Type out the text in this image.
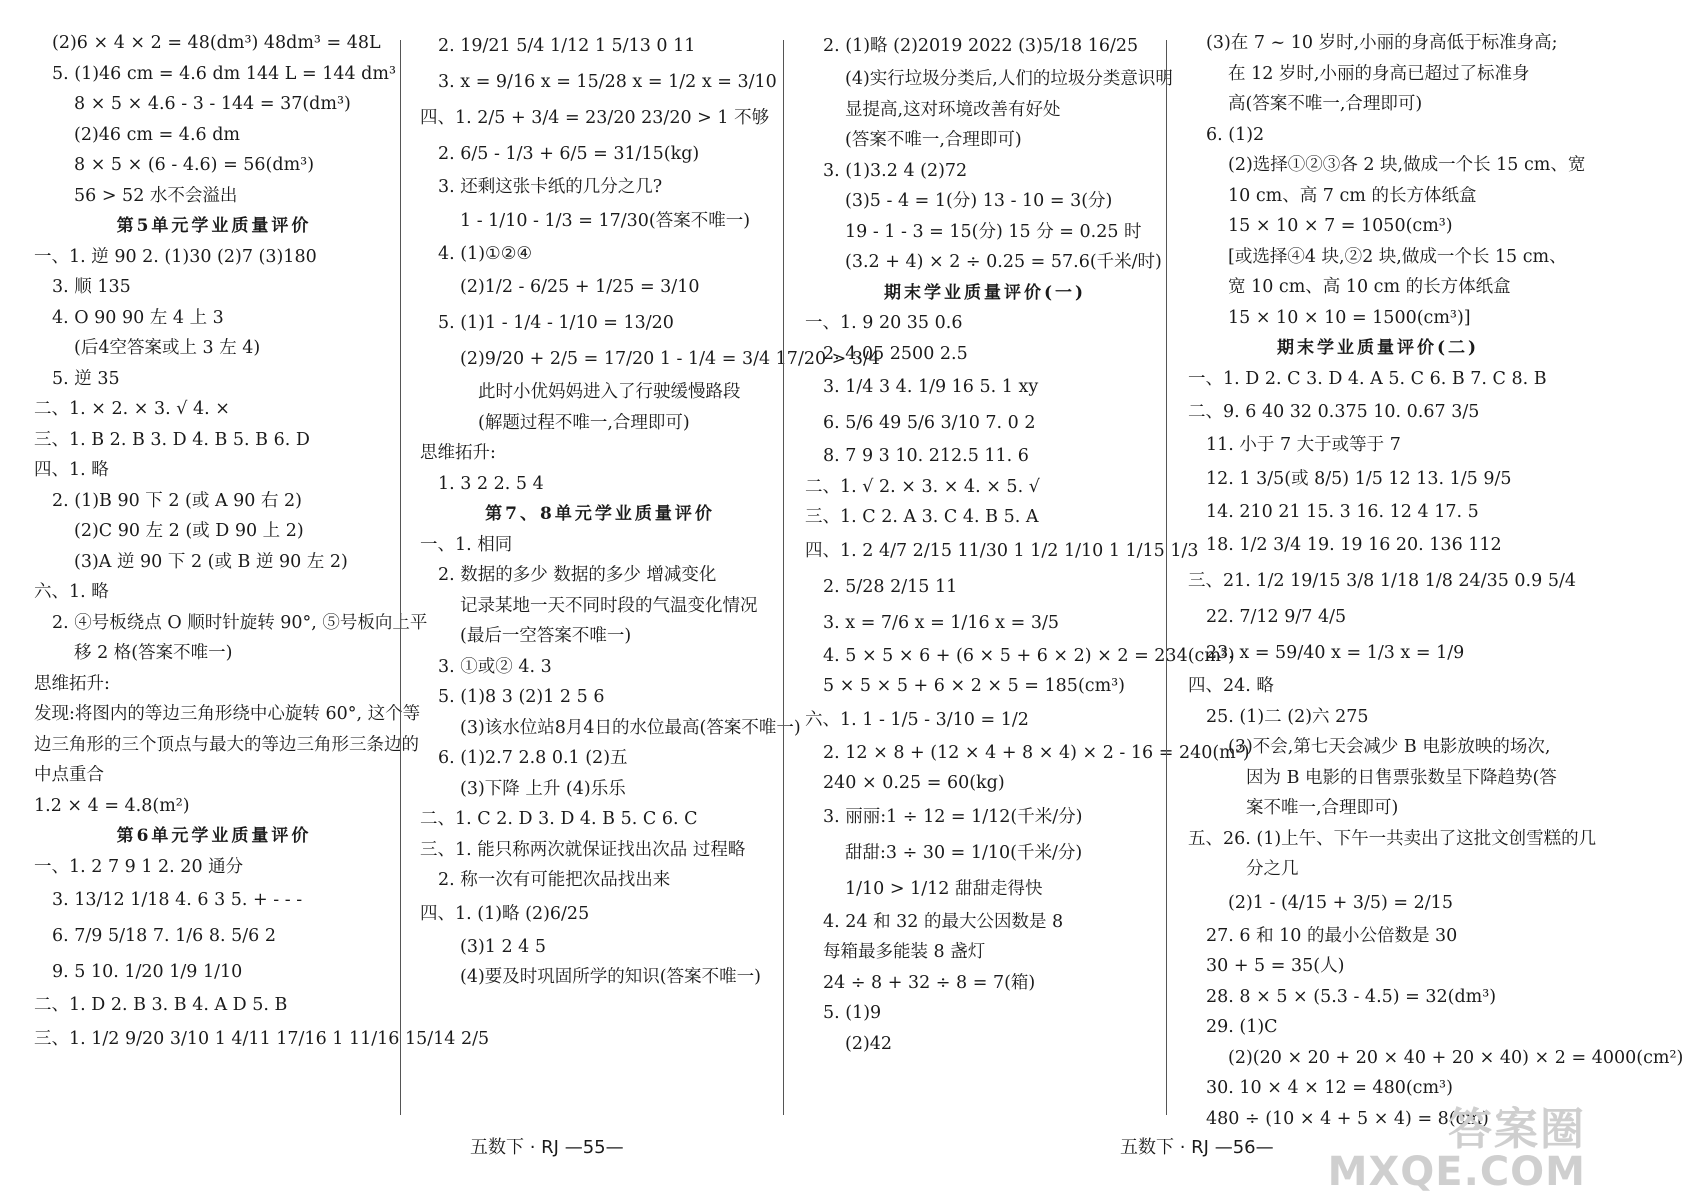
(2)6 × 4 × 2 = 48(dm³) 48dm³ = 48L
5. (1)46 cm = 4.6 dm 144 L = 144 dm³
8 × 5 × 4.6 - 3 - 144 = 37(dm³)
(2)46 cm = 4.6 dm
8 × 5 × (6 - 4.6) = 56(dm³)
56 > 52 水不会溢出
第5单元学业质量评价
一、1. 逆 90 2. (1)30 (2)7 (3)180
3. 顺 135
4. O 90 90 左 4 上 3
(后4空答案或上 3 左 4)
5. 逆 35
二、1. × 2. × 3. √ 4. ×
三、1. B 2. B 3. D 4. B 5. B 6. D
四、1. 略
2. (1)B 90 下 2 (或 A 90 右 2)
(2)C 90 左 2 (或 D 90 上 2)
(3)A 逆 90 下 2 (或 B 逆 90 左 2)
六、1. 略
2. ④号板绕点 O 顺时针旋转 90°, ⑤号板向上平
移 2 格(答案不唯一)
思维拓升:
发现:将图内的等边三角形绕中心旋转 60°, 这个等
边三角形的三个顶点与最大的等边三角形三条边的
中点重合
1.2 × 4 = 4.8(m²)
第6单元学业质量评价
一、1. 2 7 9 1 2. 20 通分
3. 13/12 1/18 4. 6 3 5. + - - -
6. 7/9 5/18 7. 1/6 8. 5/6 2
9. 5 10. 1/20 1/9 1/10
二、1. D 2. B 3. B 4. A D 5. B
三、1. 1/2 9/20 3/10 1 4/11 17/16 1 11/16 15/14 2/5
2. 19/21 5/4 1/12 1 5/13 0 11
3. x = 9/16 x = 15/28 x = 1/2 x = 3/10
四、1. 2/5 + 3/4 = 23/20 23/20 > 1 不够
2. 6/5 - 1/3 + 6/5 = 31/15(kg)
3. 还剩这张卡纸的几分之几?
1 - 1/10 - 1/3 = 17/30(答案不唯一)
4. (1)①②④
(2)1/2 - 6/25 + 1/25 = 3/10
5. (1)1 - 1/4 - 1/10 = 13/20
(2)9/20 + 2/5 = 17/20 1 - 1/4 = 3/4 17/20 > 3/4
此时小优妈妈进入了行驶缓慢路段
(解题过程不唯一,合理即可)
思维拓升:
1. 3 2 2. 5 4
第7、8单元学业质量评价
一、1. 相同
2. 数据的多少 数据的多少 增减变化
记录某地一天不同时段的气温变化情况
(最后一空答案不唯一)
3. ①或② 4. 3
5. (1)8 3 (2)1 2 5 6
(3)该水位站8月4日的水位最高(答案不唯一)
6. (1)2.7 2.8 0.1 (2)五
(3)下降 上升 (4)乐乐
二、1. C 2. D 3. D 4. B 5. C 6. C
三、1. 能只称两次就保证找出次品 过程略
2. 称一次有可能把次品找出来
四、1. (1)略 (2)6/25
(3)1 2 4 5
(4)要及时巩固所学的知识(答案不唯一)
2. (1)略 (2)2019 2022 (3)5/18 16/25
(4)实行垃圾分类后,人们的垃圾分类意识明
显提高,这对环境改善有好处
(答案不唯一,合理即可)
3. (1)3.2 4 (2)72
(3)5 - 4 = 1(分) 13 - 10 = 3(分)
19 - 1 - 3 = 15(分) 15 分 = 0.25 时
(3.2 + 4) × 2 ÷ 0.25 = 57.6(千米/时)
期末学业质量评价(一)
一、1. 9 20 35 0.6
2. 4.05 2500 2.5
3. 1/4 3 4. 1/9 16 5. 1 xy
6. 5/6 49 5/6 3/10 7. 0 2
8. 7 9 3 10. 212.5 11. 6
二、1. √ 2. × 3. × 4. × 5. √
三、1. C 2. A 3. C 4. B 5. A
四、1. 2 4/7 2/15 11/30 1 1/2 1/10 1 1/15 1/3
2. 5/28 2/15 11
3. x = 7/6 x = 1/16 x = 3/5
4. 5 × 5 × 6 + (6 × 5 + 6 × 2) × 2 = 234(cm²)
5 × 5 × 5 + 6 × 2 × 5 = 185(cm³)
六、1. 1 - 1/5 - 3/10 = 1/2
2. 12 × 8 + (12 × 4 + 8 × 4) × 2 - 16 = 240(m²)
240 × 0.25 = 60(kg)
3. 丽丽:1 ÷ 12 = 1/12(千米/分)
甜甜:3 ÷ 30 = 1/10(千米/分)
1/10 > 1/12 甜甜走得快
4. 24 和 32 的最大公因数是 8
每箱最多能装 8 盏灯
24 ÷ 8 + 32 ÷ 8 = 7(箱)
5. (1)9
(2)42
(3)在 7 ~ 10 岁时,小丽的身高低于标准身高;
在 12 岁时,小丽的身高已超过了标准身
高(答案不唯一,合理即可)
6. (1)2
(2)选择①②③各 2 块,做成一个长 15 cm、宽
10 cm、高 7 cm 的长方体纸盒
15 × 10 × 7 = 1050(cm³)
[或选择④4 块,②2 块,做成一个长 15 cm、
宽 10 cm、高 10 cm 的长方体纸盒
15 × 10 × 10 = 1500(cm³)]
期末学业质量评价(二)
一、1. D 2. C 3. D 4. A 5. C 6. B 7. C 8. B
二、9. 6 40 32 0.375 10. 0.67 3/5
11. 小于 7 大于或等于 7
12. 1 3/5(或 8/5) 1/5 12 13. 1/5 9/5
14. 210 21 15. 3 16. 12 4 17. 5
18. 1/2 3/4 19. 19 16 20. 136 112
三、21. 1/2 19/15 3/8 1/18 1/8 24/35 0.9 5/4
22. 7/12 9/7 4/5
23. x = 59/40 x = 1/3 x = 1/9
四、24. 略
25. (1)二 (2)六 275
(3)不会,第七天会减少 B 电影放映的场次,
因为 B 电影的日售票张数呈下降趋势(答
案不唯一,合理即可)
五、26. (1)上午、下午一共卖出了这批文创雪糕的几
分之几
(2)1 - (4/15 + 3/5) = 2/15
27. 6 和 10 的最小公倍数是 30
30 + 5 = 35(人)
28. 8 × 5 × (5.3 - 4.5) = 32(dm³)
29. (1)C
(2)(20 × 20 + 20 × 40 + 20 × 40) × 2 = 4000(cm²)
30. 10 × 4 × 12 = 480(cm³)
480 ÷ (10 × 4 + 5 × 4) = 8(cm)
五数下 · RJ —55—	五数下 · RJ —56—	答案圈
MXQE.COM
